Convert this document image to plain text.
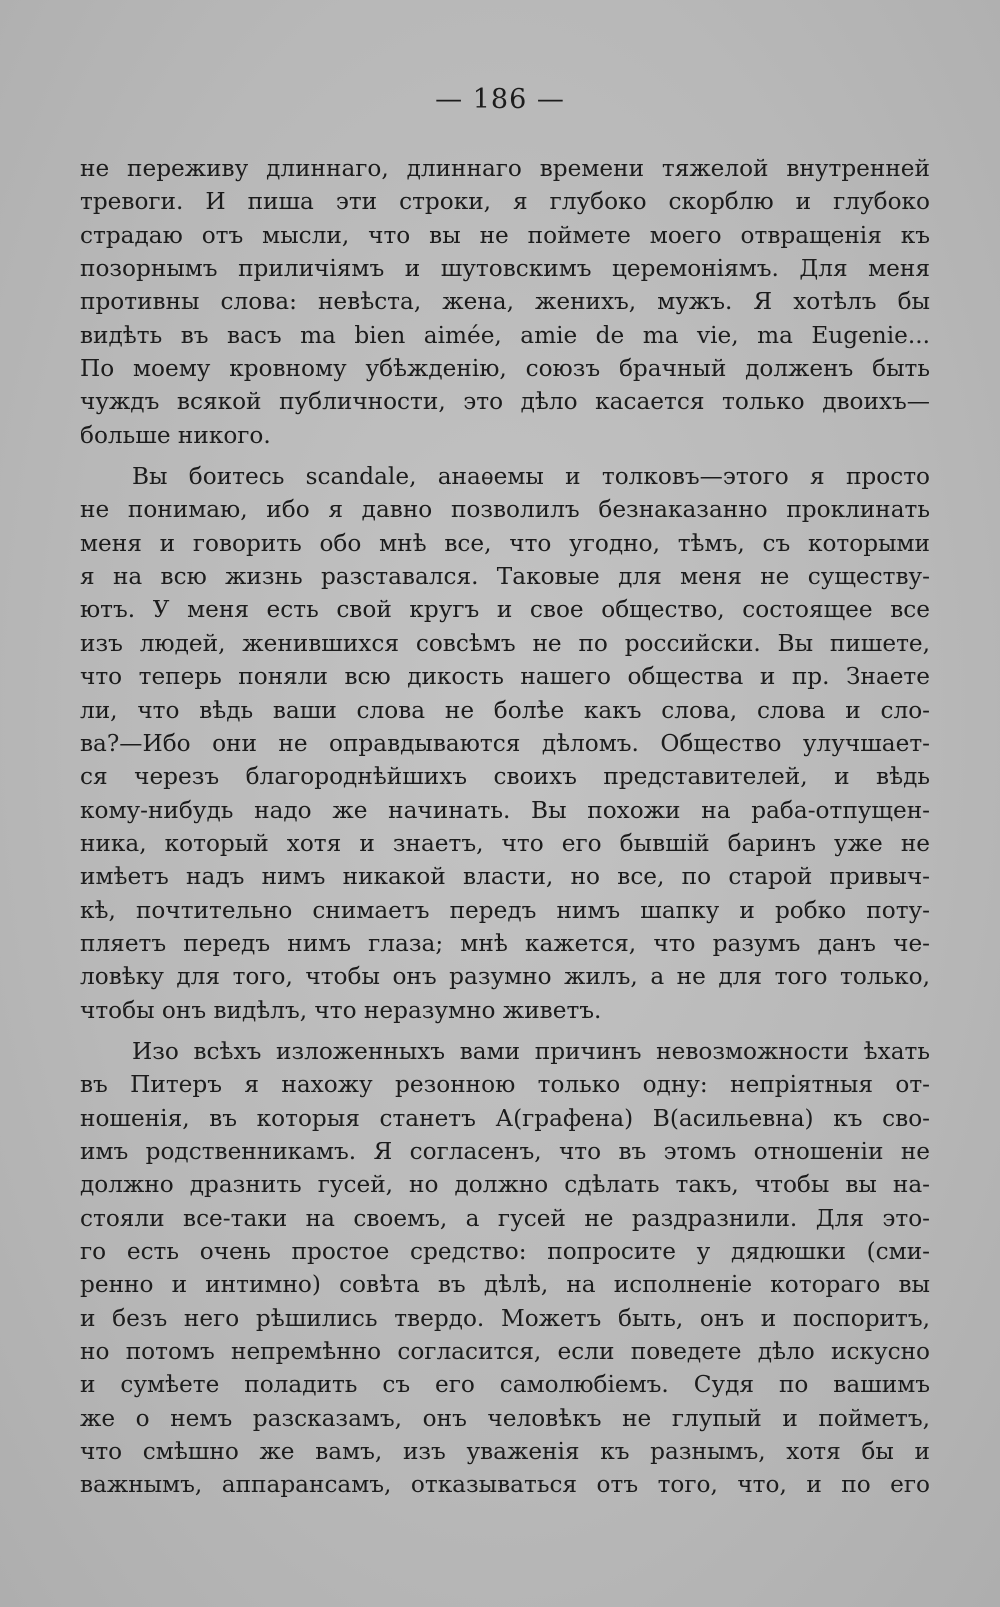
— 186 —
не переживу длиннаго, длиннаго времени тяжелой внутренней
тревоги. И пиша эти строки, я глубоко скорблю и глубоко
страдаю отъ мысли, что вы не поймете моего отвращенія къ
позорнымъ приличіямъ и шутовскимъ церемоніямъ. Для меня
противны слова: невѣста, жена, женихъ, мужъ. Я хотѣлъ бы
видѣть въ васъ ma bien aimée, amie de ma vie, ma Eugenie...
По моему кровному убѣжденію, союзъ брачный долженъ быть
чуждъ всякой публичности, это дѣло касается только двоихъ—
больше никого.
Вы боитесь scandale, анаѳемы и толковъ—этого я просто
не понимаю, ибо я давно позволилъ безнаказанно проклинать
меня и говорить обо мнѣ все, что угодно, тѣмъ, съ которыми
я на всю жизнь разставался. Таковые для меня не существу-
ютъ. У меня есть свой кругъ и свое общество, состоящее все
изъ людей, женившихся совсѣмъ не по российски. Вы пишете,
что теперь поняли всю дикость нашего общества и пр. Знаете
ли, что вѣдь ваши слова не болѣе какъ слова, слова и сло-
ва?—Ибо они не оправдываются дѣломъ. Общество улучшает-
ся черезъ благороднѣйшихъ своихъ представителей, и вѣдь
кому-нибудь надо же начинать. Вы похожи на раба-отпущен-
ника, который хотя и знаетъ, что его бывшій баринъ уже не
имѣетъ надъ нимъ никакой власти, но все, по старой привыч-
кѣ, почтительно снимаетъ передъ нимъ шапку и робко поту-
пляетъ передъ нимъ глаза; мнѣ кажется, что разумъ данъ че-
ловѣку для того, чтобы онъ разумно жилъ, а не для того только,
чтобы онъ видѣлъ, что неразумно живетъ.
Изо всѣхъ изложенныхъ вами причинъ невозможности ѣхать
въ Питеръ я нахожу резонною только одну: непріятныя от-
ношенія, въ которыя станетъ А(графена) В(асильевна) къ сво-
имъ родственникамъ. Я согласенъ, что въ этомъ отношеніи не
должно дразнить гусей, но должно сдѣлать такъ, чтобы вы на-
стояли все-таки на своемъ, а гусей не раздразнили. Для это-
го есть очень простое средство: попросите у дядюшки (сми-
ренно и интимно) совѣта въ дѣлѣ, на исполненіе котораго вы
и безъ него рѣшились твердо. Можетъ быть, онъ и поспоритъ,
но потомъ непремѣнно согласится, если поведете дѣло искусно
и сумѣете поладить съ его самолюбіемъ. Судя по вашимъ
же о немъ разсказамъ, онъ человѣкъ не глупый и пойметъ,
что смѣшно же вамъ, изъ уваженія къ разнымъ, хотя бы и
важнымъ, аппарансамъ, отказываться отъ того, что, и по его
